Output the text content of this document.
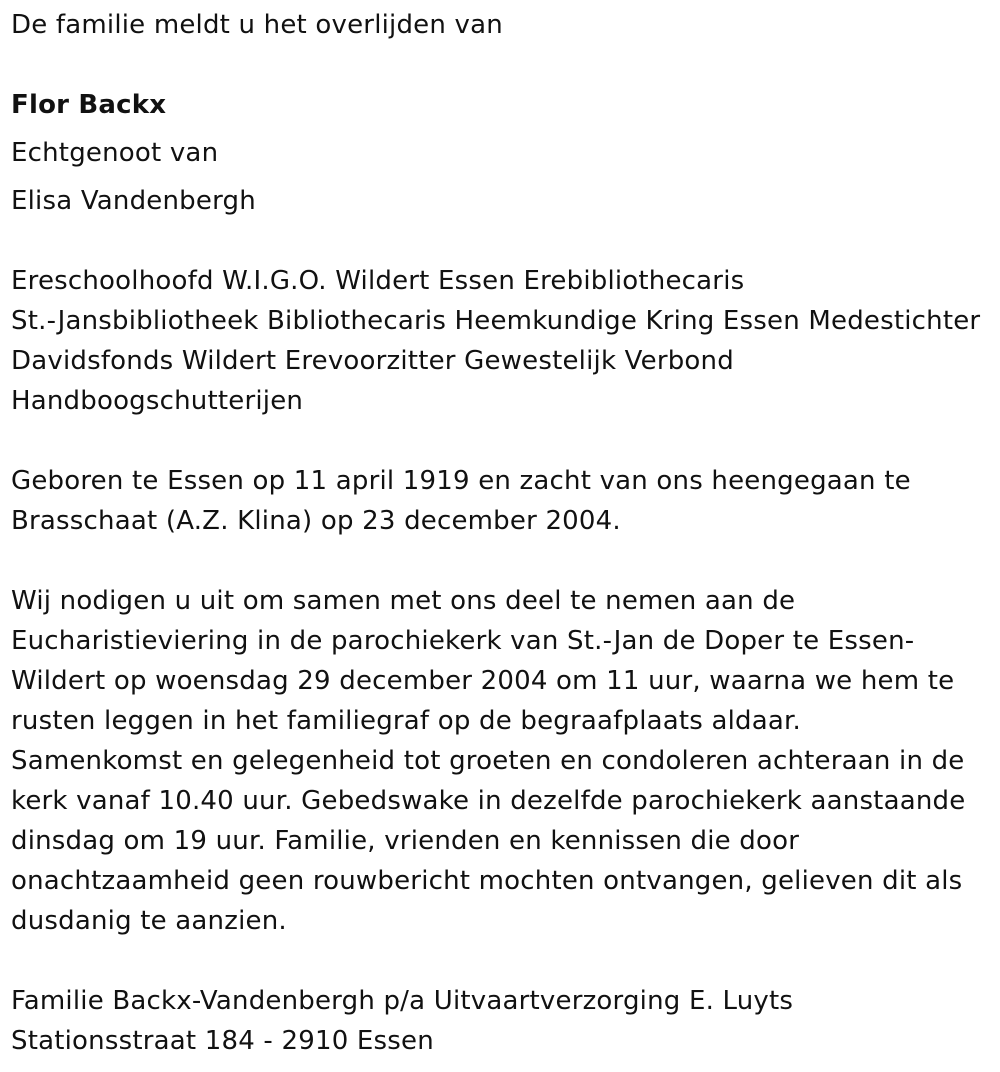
De familie meldt u het overlijden van
Flor Backx
Echtgenoot van
Elisa Vandenbergh
Ereschoolhoofd W.I.G.O. Wildert Essen Erebibliothecaris
St.-Jansbibliotheek Bibliothecaris Heemkundige Kring Essen Medestichter
Davidsfonds Wildert Erevoorzitter Gewestelijk Verbond
Handboogschutterijen
Geboren te Essen op 11 april 1919 en zacht van ons heengegaan te
Brasschaat (A.Z. Klina) op 23 december 2004.
Wij nodigen u uit om samen met ons deel te nemen aan de
Eucharistieviering in de parochiekerk van St.-Jan de Doper te Essen-
Wildert op woensdag 29 december 2004 om 11 uur, waarna we hem te
rusten leggen in het familiegraf op de begraafplaats aldaar.
Samenkomst en gelegenheid tot groeten en condoleren achteraan in de
kerk vanaf 10.40 uur. Gebedswake in dezelfde parochiekerk aanstaande
dinsdag om 19 uur. Familie, vrienden en kennissen die door
onachtzaamheid geen rouwbericht mochten ontvangen, gelieven dit als
dusdanig te aanzien.
Familie Backx-Vandenbergh p/a Uitvaartverzorging E. Luyts
Stationsstraat 184 - 2910 Essen
